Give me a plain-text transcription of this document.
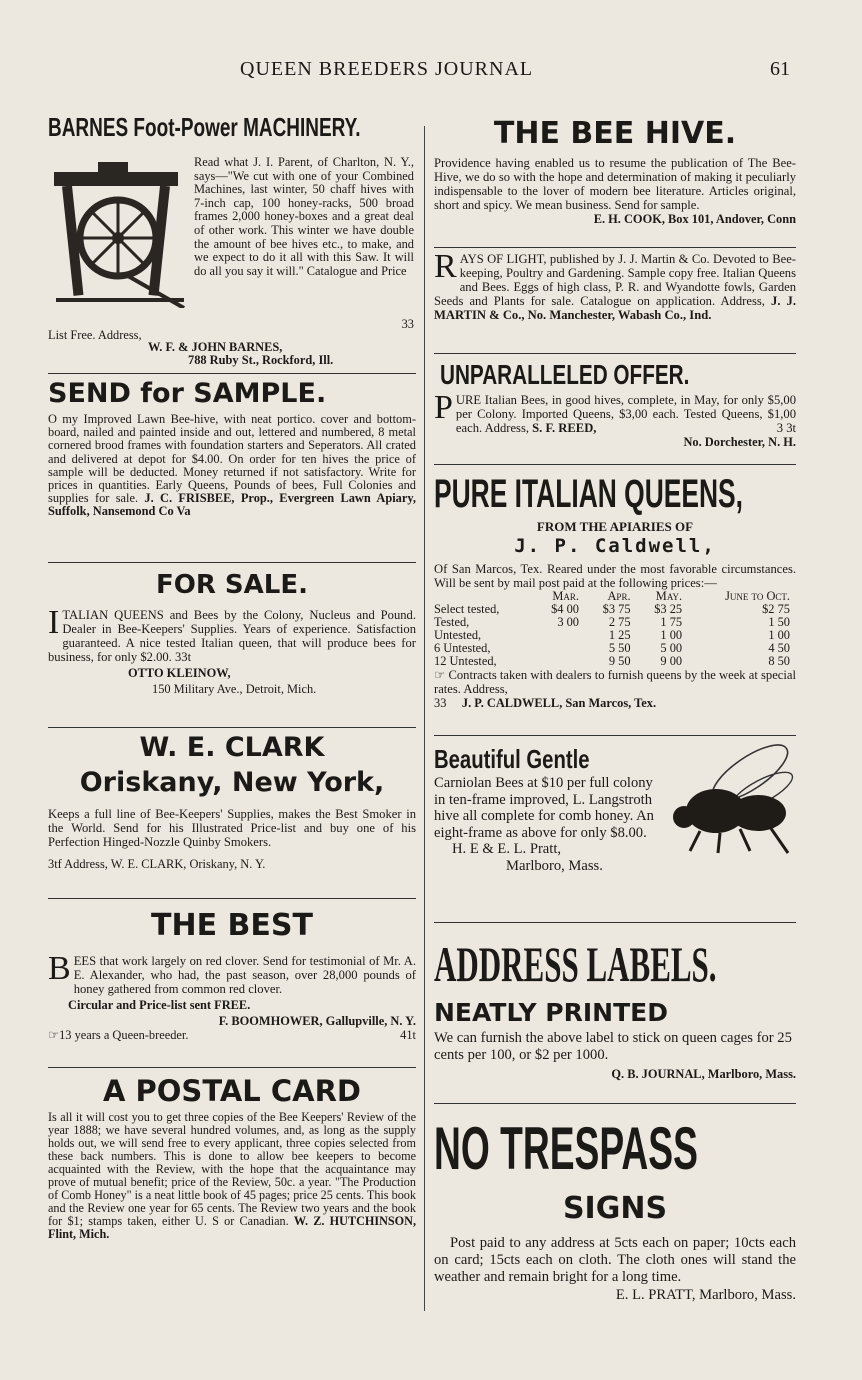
QUEEN BREEDERS JOURNAL	61
BARNES Foot-Power MACHINERY.
Read what J. I. Parent, of Charlton, N. Y., says—"We cut with one of your Combined Machines, last winter, 50 chaff hives with 7-inch cap, 100 honey-racks, 500 broad frames 2,000 honey-boxes and a great deal of other work. This winter we have double the amount of bee hives etc., to make, and we expect to do it all with this Saw. It will do all you say it will." Catalogue and Price
33
List Free. Address,
W. F. & JOHN BARNES,
788 Ruby St., Rockford, Ill.
SEND for SAMPLE.
O my Improved Lawn Bee-hive, with neat portico. cover and bottom-board, nailed and painted inside and out, lettered and numbered, 8 metal cornered brood frames with foundation starters and Seperators. All crated and delivered at depot for $4.00. On order for ten hives the price of sample will be deducted. Money returned if not satisfactory. Write for prices in quantities. Early Queens, Pounds of bees, Full Colonies and supplies for sale. J. C. FRISBEE, Prop., Evergreen Lawn Apiary, Suffolk, Nansemond Co Va
FOR SALE.
ITALIAN QUEENS and Bees by the Colony, Nucleus and Pound. Dealer in Bee-Keepers' Supplies. Years of experience. Satisfaction guaranteed. A nice tested Italian queen, that will produce bees for business, for only $2.00. 33t
OTTO KLEINOW,
150 Military Ave., Detroit, Mich.
W. E. CLARK
Oriskany, New York,
Keeps a full line of Bee-Keepers' Supplies, makes the Best Smoker in the World. Send for his Illustrated Price-list and buy one of his Perfection Hinged-Nozzle Quinby Smokers.
3tf Address, W. E. CLARK, Oriskany, N. Y.
THE BEST
BEES that work largely on red clover. Send for testimonial of Mr. A. E. Alexander, who had, the past season, over 28,000 pounds of honey gathered from common red clover.
Circular and Price-list sent FREE.
F. BOOMHOWER, Gallupville, N. Y.
☞13 years a Queen-breeder.	41t
A POSTAL CARD
Is all it will cost you to get three copies of the Bee Keepers' Review of the year 1888; we have several hundred volumes, and, as long as the supply holds out, we will send free to every applicant, three copies selected from these back numbers. This is done to allow bee keepers to become acquainted with the Review, with the hope that the acquaintance may prove of mutual benefit; price of the Review, 50c. a year. "The Production of Comb Honey" is a neat little book of 45 pages; price 25 cents. This book and the Review one year for 65 cents. The Review two years and the book for $1; stamps taken, either U. S or Canadian. W. Z. HUTCHINSON, Flint, Mich.
THE BEE HIVE.
Providence having enabled us to resume the publication of The Bee-Hive, we do so with the hope and determination of making it peculiarly indispensable to the lover of modern bee literature. Articles original, short and spicy. We mean business. Send for sample.
E. H. COOK, Box 101, Andover, Conn
RAYS OF LIGHT, published by J. J. Martin & Co. Devoted to Bee-keeping, Poultry and Gardening. Sample copy free. Italian Queens and Bees. Eggs of high class, P. R. and Wyandotte fowls, Garden Seeds and Plants for sale. Catalogue on application. Address, J. J. MARTIN & Co., No. Manchester, Wabash Co., Ind.
UNPARALLELED OFFER.
PURE Italian Bees, in good hives, complete, in May, for only $5,00 per Colony. Imported Queens, $3,00 each. Tested Queens, $1,00 each. Address, S. F. REED,	3 3t
No. Dorchester, N. H.
PURE ITALIAN QUEENS,
FROM THE APIARIES OF
J. P. Caldwell,
Of San Marcos, Tex. Reared under the most favorable circumstances. Will be sent by mail post paid at the following prices:—
	Mar.	Apr.	May.	June to Oct.
Select tested,	$4 00	$3 75	$3 25	$2 75
Tested,	3 00	2 75	1 75	1 50
Untested,		1 25	1 00	1 00
6 Untested,		5 50	5 00	4 50
12 Untested,		9 50	9 00	8 50
☞ Contracts taken with dealers to furnish queens by the week at special rates. Address,
33 J. P. CALDWELL, San Marcos, Tex.
Beautiful Gentle
Carniolan Bees at $10 per full colony in ten-frame improved, L. Langstroth hive all complete for comb honey. An eight-frame as above for only $8.00.
H. E & E. L. Pratt,
Marlboro, Mass.
ADDRESS LABELS.
NEATLY PRINTED
We can furnish the above label to stick on queen cages for 25 cents per 100, or $2 per 1000.
Q. B. JOURNAL, Marlboro, Mass.
NO TRESPASS
SIGNS
Post paid to any address at 5cts each on paper; 10cts each on card; 15cts each on cloth. The cloth ones will stand the weather and remain bright for a long time.
E. L. PRATT, Marlboro, Mass.
